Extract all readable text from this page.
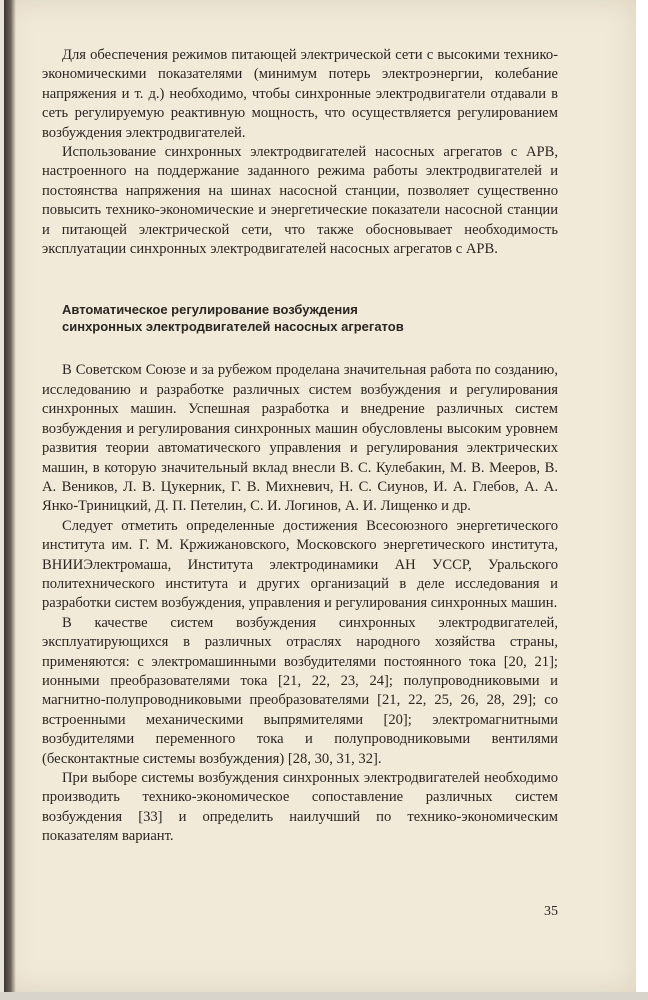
Для обеспечения режимов питающей электрической сети с высокими технико-экономическими показателями (минимум потерь электроэнергии, колебание напряжения и т. д.) необходимо, чтобы синхронные электродвигатели отдавали в сеть регулируемую реактивную мощность, что осуществляется регулированием возбуждения электродвигателей.

Использование синхронных электродвигателей насосных агрегатов с АРВ, настроенного на поддержание заданного режима работы электродвигателей и постоянства напряжения на шинах насосной станции, позволяет существенно повысить технико-экономические и энергетические показатели насосной станции и питающей электрической сети, что также обосновывает необходимость эксплуатации синхронных электродвигателей насосных агрегатов с АРВ.

Автоматическое регулирование возбуждения
синхронных электродвигателей насосных агрегатов

В Советском Союзе и за рубежом проделана значительная работа по созданию, исследованию и разработке различных систем возбуждения и регулирования синхронных машин. Успешная разработка и внедрение различных систем возбуждения и регулирования синхронных машин обусловлены высоким уровнем развития теории автоматического управления и регулирования электрических машин, в которую значительный вклад внесли В. С. Кулебакин, М. В. Мееров, В. А. Веников, Л. В. Цукерник, Г. В. Михневич, Н. С. Сиунов, И. А. Глебов, А. А. Янко-Триницкий, Д. П. Петелин, С. И. Логинов, А. И. Лищенко и др.

Следует отметить определенные достижения Всесоюзного энергетического института им. Г. М. Кржижановского, Московского энергетического института, ВНИИЭлектромаша, Института электродинамики АН УССР, Уральского политехнического института и других организаций в деле исследования и разработки систем возбуждения, управления и регулирования синхронных машин.

В качестве систем возбуждения синхронных электродвигателей, эксплуатирующихся в различных отраслях народного хозяйства страны, применяются: с электромашинными возбудителями постоянного тока [20, 21]; ионными преобразователями тока [21, 22, 23, 24]; полупроводниковыми и магнитно-полупроводниковыми преобразователями [21, 22, 25, 26, 28, 29]; со встроенными механическими выпрямителями [20]; электромагнитными возбудителями переменного тока и полупроводниковыми вентилями (бесконтактные системы возбуждения) [28, 30, 31, 32].

При выборе системы возбуждения синхронных электродвигателей необходимо производить технико-экономическое сопоставление различных систем возбуждения [33] и определить наилучший по технико-экономическим показателям вариант.

35
